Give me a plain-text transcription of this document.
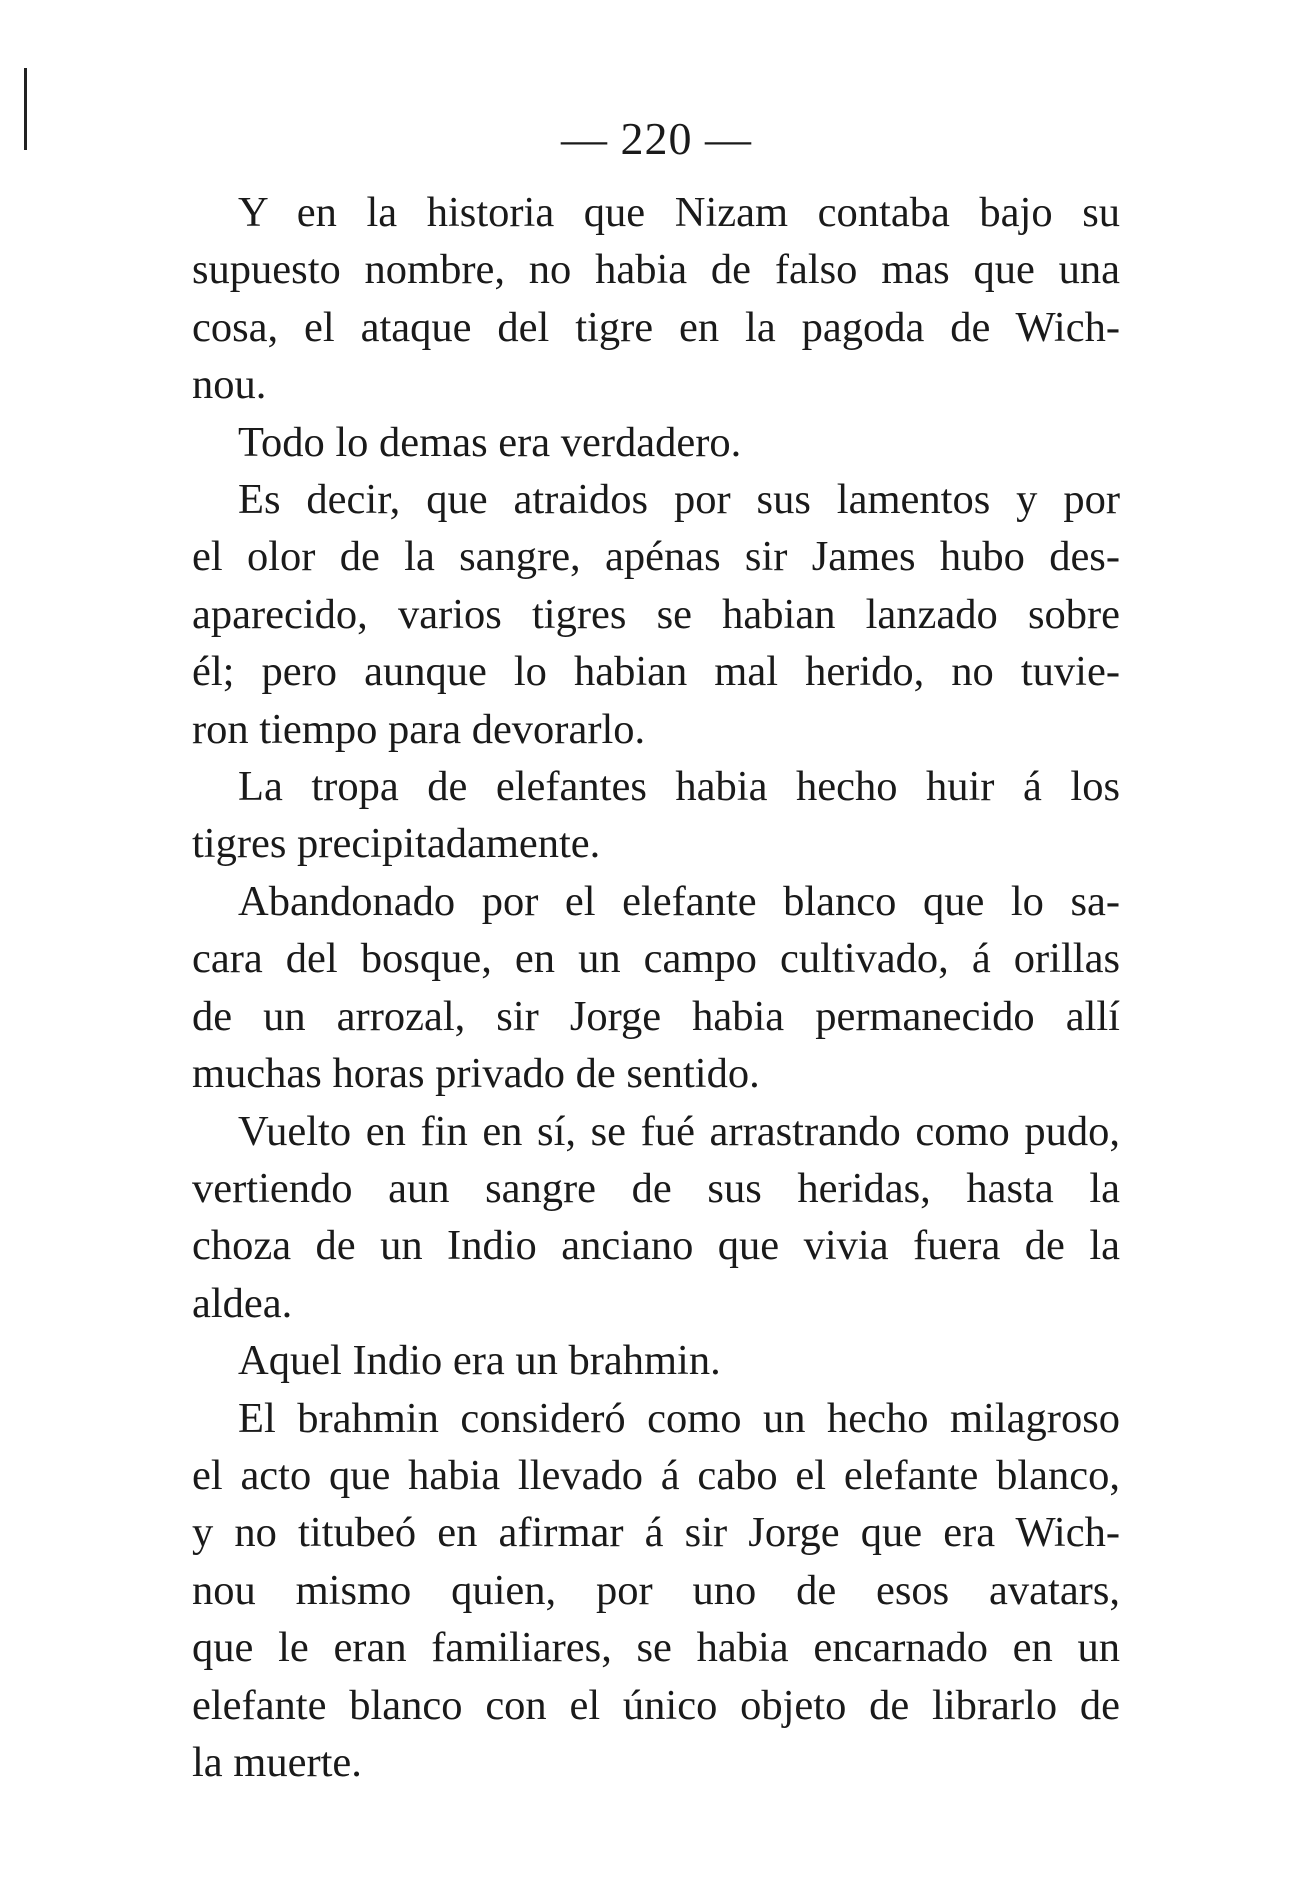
— 220 —
Y en la historia que Nizam contaba bajo su
supuesto nombre, no habia de falso mas que una
cosa, el ataque del tigre en la pagoda de Wich-
nou.
Todo lo demas era verdadero.
Es decir, que atraidos por sus lamentos y por
el olor de la sangre, apénas sir James hubo des-
aparecido, varios tigres se habian lanzado sobre
él; pero aunque lo habian mal herido, no tuvie-
ron tiempo para devorarlo.
La tropa de elefantes habia hecho huir á los
tigres precipitadamente.
Abandonado por el elefante blanco que lo sa-
cara del bosque, en un campo cultivado, á orillas
de un arrozal, sir Jorge habia permanecido allí
muchas horas privado de sentido.
Vuelto en fin en sí, se fué arrastrando como pudo,
vertiendo aun sangre de sus heridas, hasta la
choza de un Indio anciano que vivia fuera de la
aldea.
Aquel Indio era un brahmin.
El brahmin consideró como un hecho milagroso
el acto que habia llevado á cabo el elefante blanco,
y no titubeó en afirmar á sir Jorge que era Wich-
nou mismo quien, por uno de esos avatars,
que le eran familiares, se habia encarnado en un
elefante blanco con el único objeto de librarlo de
la muerte.
